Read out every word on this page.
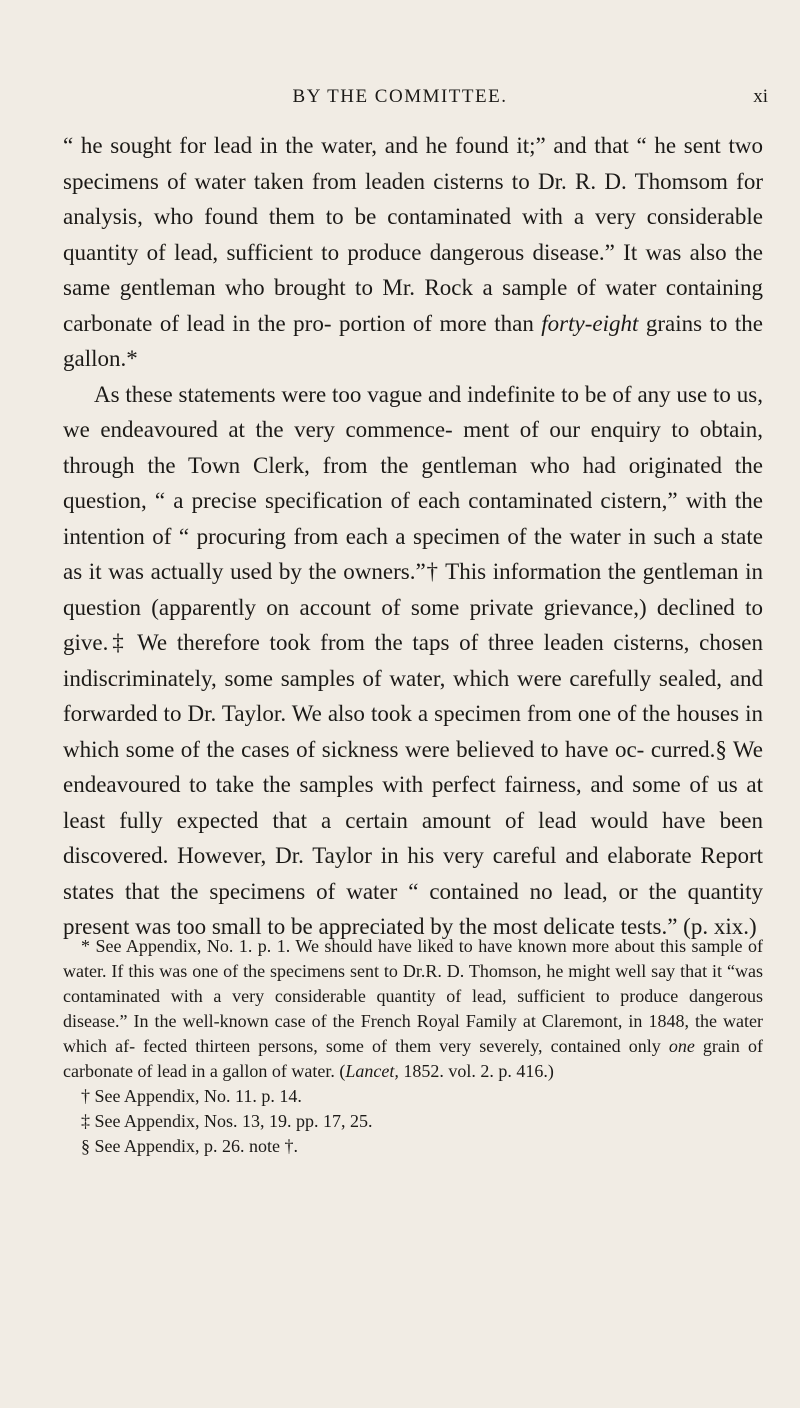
BY THE COMMITTEE.	xi

“ he sought for lead in the water, and he found it;” and that “ he sent two specimens of water taken from leaden cisterns to Dr. R. D. Thomsom for analysis, who found them to be contaminated with a very considerable quantity of lead, sufficient to produce dangerous disease.” It was also the same gentleman who brought to Mr. Rock a sample of water containing carbonate of lead in the pro- portion of more than forty-eight grains to the gallon.*

As these statements were too vague and indefinite to be of any use to us, we endeavoured at the very commence- ment of our enquiry to obtain, through the Town Clerk, from the gentleman who had originated the question, “ a precise specification of each contaminated cistern,” with the intention of “ procuring from each a specimen of the water in such a state as it was actually used by the owners.”† This information the gentleman in question (apparently on account of some private grievance,) declined to give.‡ We therefore took from the taps of three leaden cisterns, chosen indiscriminately, some samples of water, which were carefully sealed, and forwarded to Dr. Taylor. We also took a specimen from one of the houses in which some of the cases of sickness were believed to have oc- curred.§ We endeavoured to take the samples with perfect fairness, and some of us at least fully expected that a certain amount of lead would have been discovered. However, Dr. Taylor in his very careful and elaborate Report states that the specimens of water “ contained no lead, or the quantity present was too small to be appreciated by the most delicate tests.” (p. xix.)

* See Appendix, No. 1. p. 1. We should have liked to have known more about this sample of water. If this was one of the specimens sent to Dr.R. D. Thomson, he might well say that it “was contaminated with a very considerable quantity of lead, sufficient to produce dangerous disease.” In the well-known case of the French Royal Family at Claremont, in 1848, the water which af- fected thirteen persons, some of them very severely, contained only one grain of carbonate of lead in a gallon of water. (Lancet, 1852. vol. 2. p. 416.)

† See Appendix, No. 11. p. 14.

‡ See Appendix, Nos. 13, 19. pp. 17, 25.

§ See Appendix, p. 26. note †.
